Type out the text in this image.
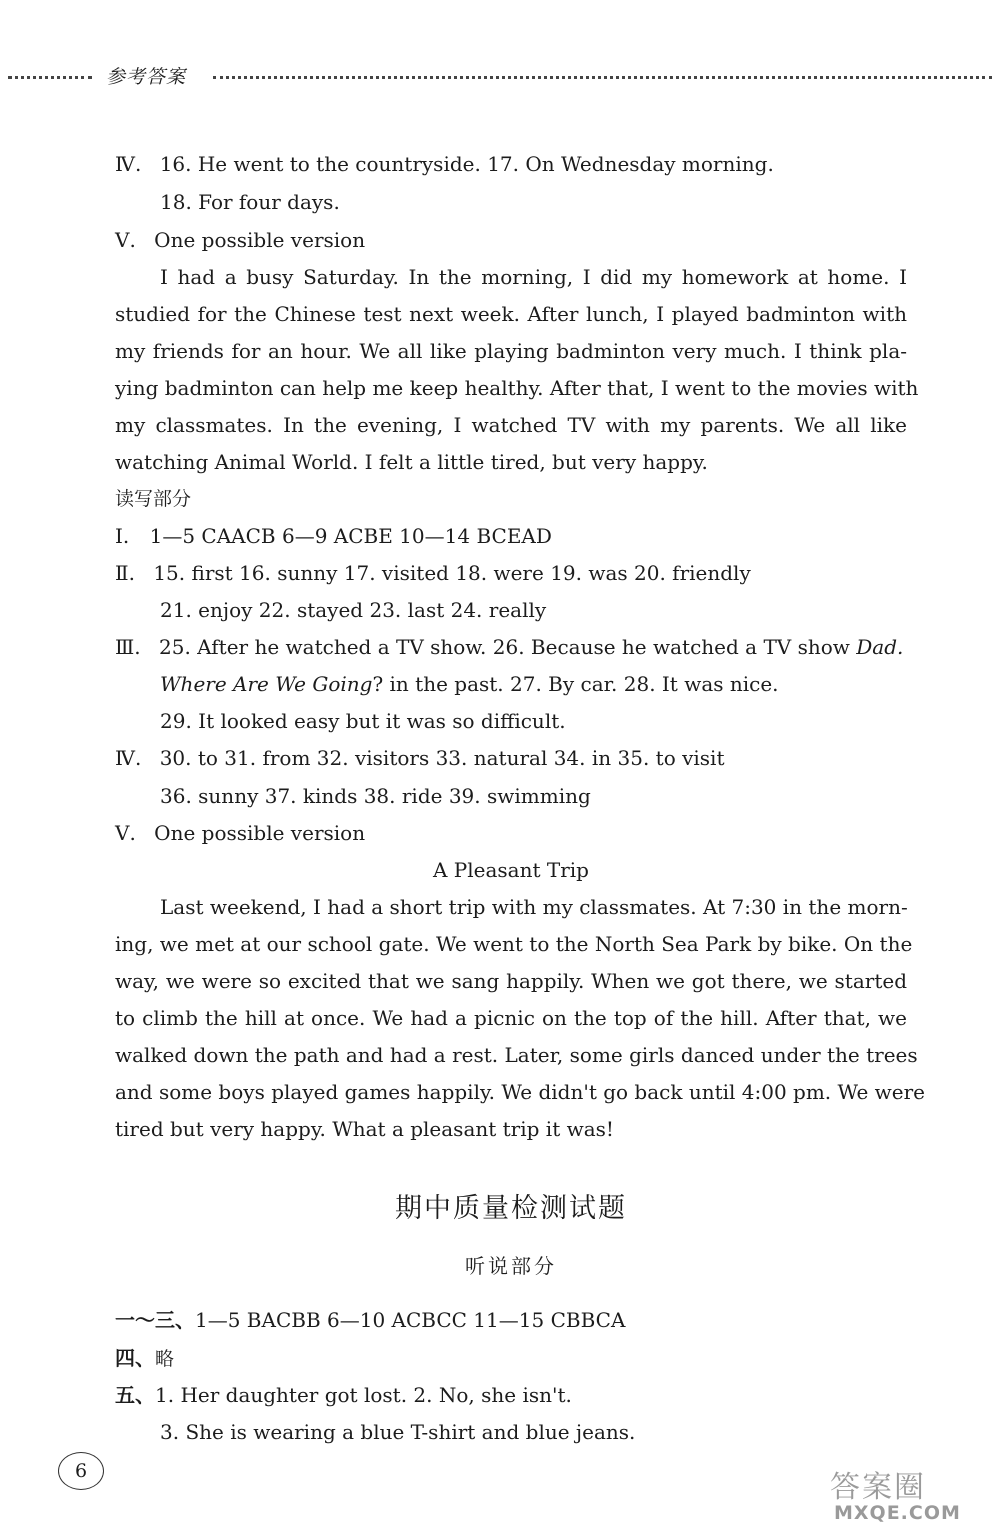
参考答案
Ⅳ. 16. He went to the countryside. 17. On Wednesday morning.
18. For four days.
Ⅴ. One possible version
I had a busy Saturday. In the morning, I did my homework at home. I
studied for the Chinese test next week. After lunch, I played badminton with
my friends for an hour. We all like playing badminton very much. I think pla-
ying badminton can help me keep healthy. After that, I went to the movies with
my classmates. In the evening, I watched TV with my parents. We all like
watching Animal World. I felt a little tired, but very happy.
读写部分
Ⅰ. 1—5 CAACB 6—9 ACBE 10—14 BCEAD
Ⅱ. 15. first 16. sunny 17. visited 18. were 19. was 20. friendly
21. enjoy 22. stayed 23. last 24. really
Ⅲ. 25. After he watched a TV show. 26. Because he watched a TV show Dad.
Where Are We Going? in the past. 27. By car. 28. It was nice.
29. It looked easy but it was so difficult.
Ⅳ. 30. to 31. from 32. visitors 33. natural 34. in 35. to visit
36. sunny 37. kinds 38. ride 39. swimming
Ⅴ. One possible version
A Pleasant Trip
Last weekend, I had a short trip with my classmates. At 7:30 in the morn-
ing, we met at our school gate. We went to the North Sea Park by bike. On the
way, we were so excited that we sang happily. When we got there, we started
to climb the hill at once. We had a picnic on the top of the hill. After that, we
walked down the path and had a rest. Later, some girls danced under the trees
and some boys played games happily. We didn't go back until 4:00 pm. We were
tired but very happy. What a pleasant trip it was!
期中质量检测试题
听说部分
一～三、1—5 BACBB 6—10 ACBCC 11—15 CBBCA
四、略
五、1. Her daughter got lost. 2. No, she isn't.
3. She is wearing a blue T-shirt and blue jeans.
6	答案圈
MXQE.COM
